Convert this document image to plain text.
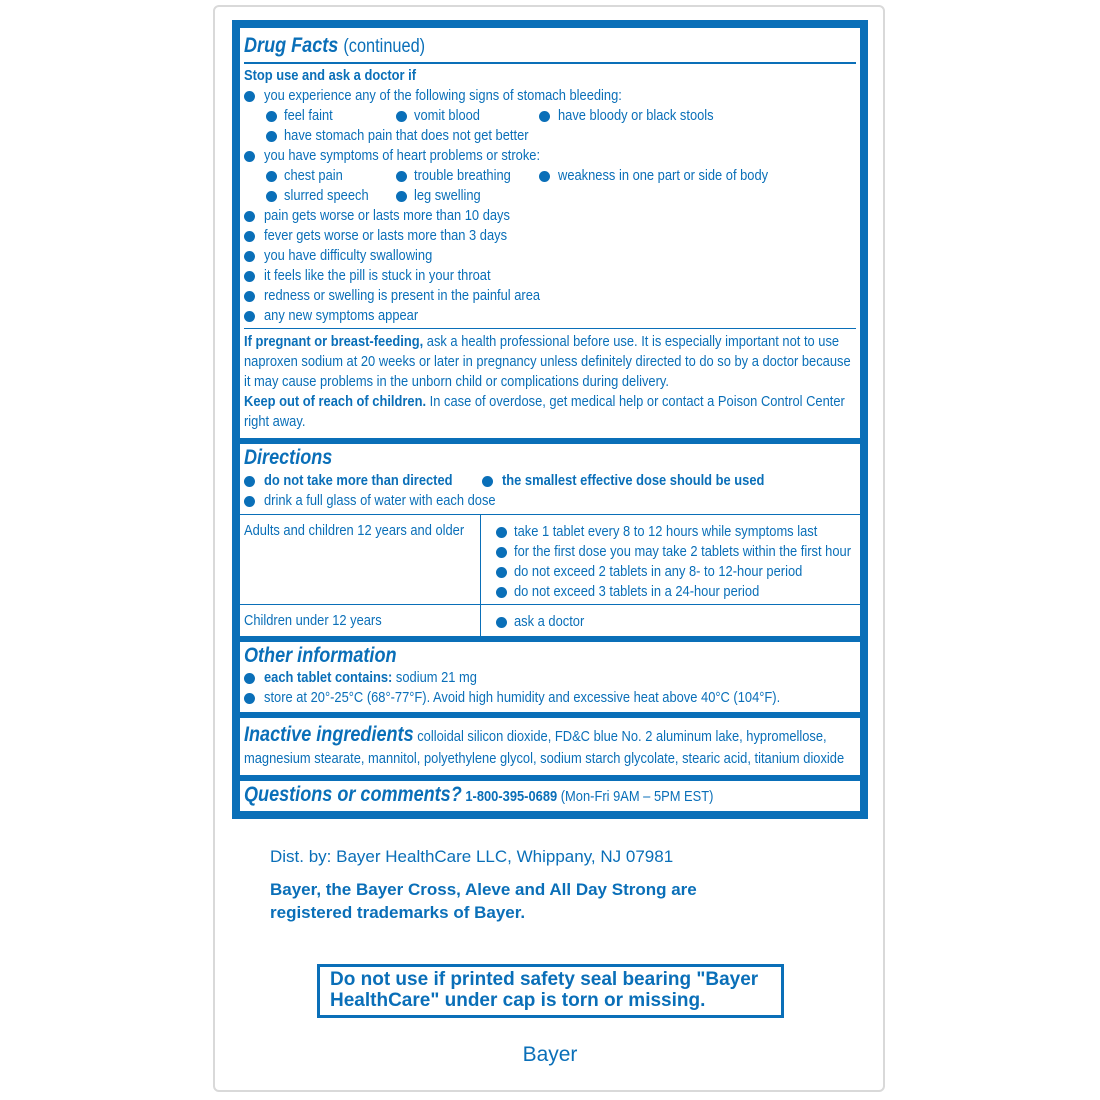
Drug Facts (continued)
Stop use and ask a doctor if
you experience any of the following signs of stomach bleeding:
feel faint	vomit blood	have bloody or black stools
have stomach pain that does not get better
you have symptoms of heart problems or stroke:
chest pain	trouble breathing	weakness in one part or side of body
slurred speech	leg swelling
pain gets worse or lasts more than 10 days
fever gets worse or lasts more than 3 days
you have difficulty swallowing
it feels like the pill is stuck in your throat
redness or swelling is present in the painful area
any new symptoms appear
If pregnant or breast-feeding, ask a health professional before use. It is especially important not to use
naproxen sodium at 20 weeks or later in pregnancy unless definitely directed to do so by a doctor because
it may cause problems in the unborn child or complications during delivery.
Keep out of reach of children. In case of overdose, get medical help or contact a Poison Control Center
right away.
Directions
do not take more than directed	the smallest effective dose should be used
drink a full glass of water with each dose
Adults and children 12 years and older	take 1 tablet every 8 to 12 hours while symptoms last
for the first dose you may take 2 tablets within the first hour
do not exceed 2 tablets in any 8- to 12-hour period
do not exceed 3 tablets in a 24-hour period
Children under 12 years	ask a doctor
Other information
each tablet contains: sodium 21 mg
store at 20°-25°C (68°-77°F). Avoid high humidity and excessive heat above 40°C (104°F).
Inactive ingredients colloidal silicon dioxide, FD&C blue No. 2 aluminum lake, hypromellose,
magnesium stearate, mannitol, polyethylene glycol, sodium starch glycolate, stearic acid, titanium dioxide
Questions or comments? 1-800-395-0689 (Mon-Fri 9AM – 5PM EST)
Dist. by: Bayer HealthCare LLC, Whippany, NJ 07981
Bayer, the Bayer Cross, Aleve and All Day Strong are
registered trademarks of Bayer.
Do not use if printed safety seal bearing "Bayer
HealthCare" under cap is torn or missing.
Bayer
